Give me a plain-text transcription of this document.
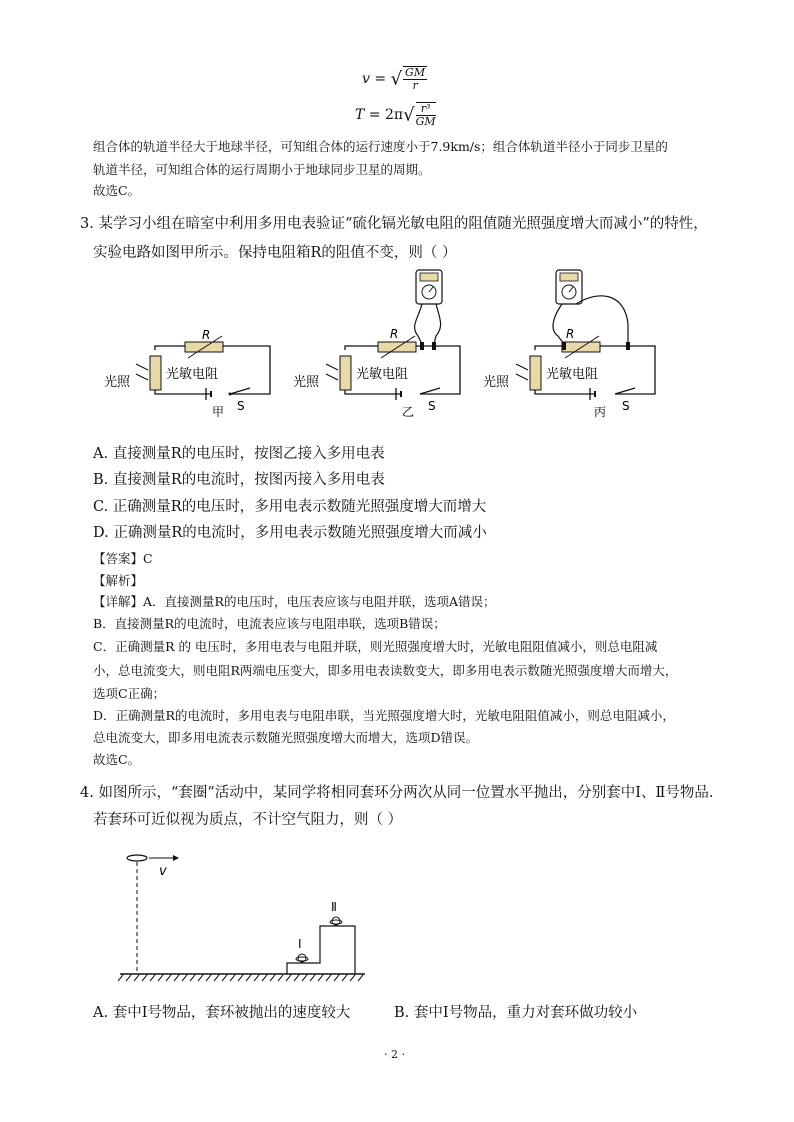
v = √ $\frac{GM}{r}$
$T = 2\pi√ \frac{\text{r³}}{GM}$
组合体的轨道半径大于地球半径，可知组合体的运行速度小于7.9km/s；组合体轨道半径小于同步卫星的
轨道半径，可知组合体的运行周期小于地球同步卫星的周期。
故选C。
3. 某学习小组在暗室中利用多用电表验证“硫化镉光敏电阻的阻值随光照强度增大而减小”的特性，
实验电路如图甲所示。保持电阻箱R的阻值不变，则（ ）
R
光照
光敏电阻
S
甲
R
光照
光敏电阻
S
乙
R
光照
光敏电阻
S
丙
A. 直接测量R的电压时，按图乙接入多用电表
B. 直接测量R的电流时，按图丙接入多用电表
C. 正确测量R的电压时，多用电表示数随光照强度增大而增大
D. 正确测量R的电流时，多用电表示数随光照强度增大而减小
【答案】C
【解析】
【详解】A．直接测量R的电压时，电压表应该与电阻并联，选项A错误；
B．直接测量R的电流时，电流表应该与电阻串联，选项B错误；
C．正确测量R 的 电压时，多用电表与电阻并联，则光照强度增大时，光敏电阻阻值减小，则总电阻减
小，总电流变大，则电阻R两端电压变大，即多用电表读数变大，即多用电表示数随光照强度增大而增大，
选项C正确；
D．正确测量R的电流时，多用电表与电阻串联，当光照强度增大时，光敏电阻阻值减小，则总电阻减小，
总电流变大，即多用电流表示数随光照强度增大而增大，选项D错误。
故选C。
4. 如图所示，“套圈”活动中，某同学将相同套环分两次从同一位置水平抛出，分别套中Ⅰ、Ⅱ号物品.
若套环可近似视为质点，不计空气阻力，则（ ）
v
Ⅰ
Ⅱ
A. 套中Ⅰ号物品，套环被抛出的速度较大	B. 套中Ⅰ号物品，重力对套环做功较小
· 2 ·
